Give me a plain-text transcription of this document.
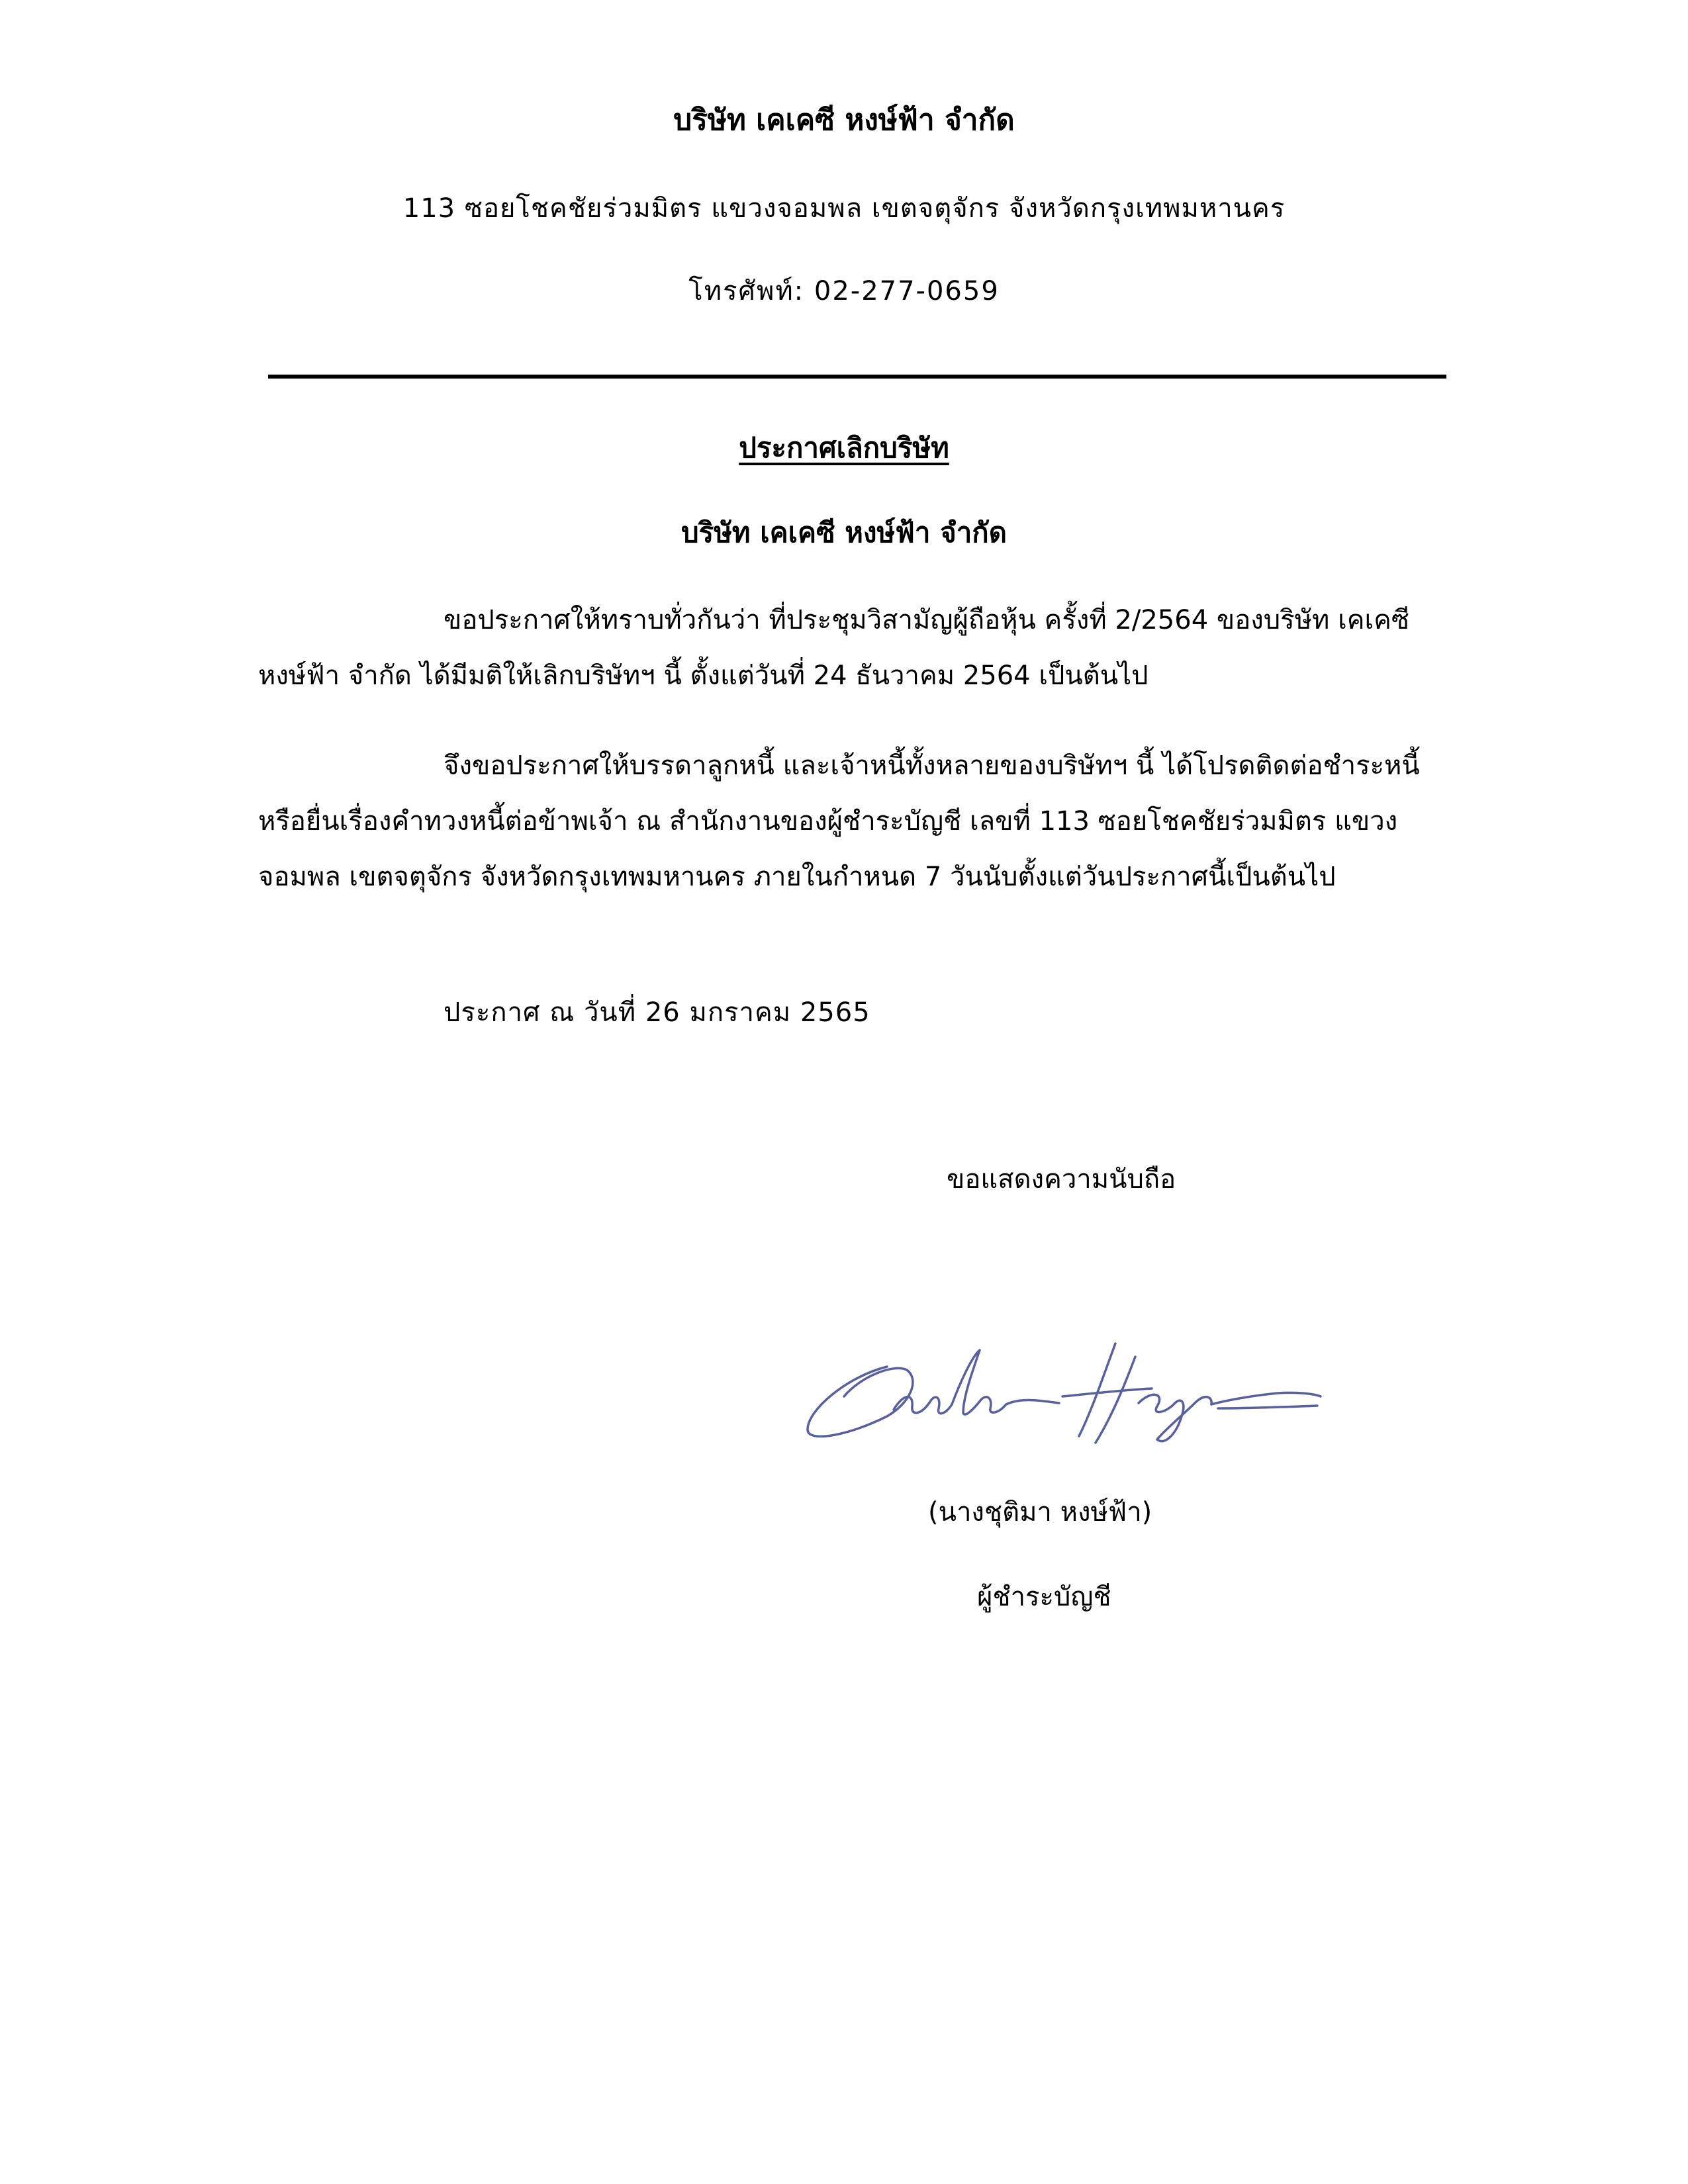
บริษัท เคเคซี หงษ์ฟ้า จำกัด

113 ซอยโชคชัยร่วมมิตร แขวงจอมพล เขตจตุจักร จังหวัดกรุงเทพมหานคร

โทรศัพท์: 02-277-0659

ประกาศเลิกบริษัท
บริษัท เคเคซี หงษ์ฟ้า จำกัด

ขอประกาศให้ทราบทั่วกันว่า ที่ประชุมวิสามัญผู้ถือหุ้น ครั้งที่ 2/2564 ของบริษัท เคเคซี หงษ์ฟ้า จำกัด ได้มีมติให้เลิกบริษัทฯ นี้ ตั้งแต่วันที่ 24 ธันวาคม 2564 เป็นต้นไป

จึงขอประกาศให้บรรดาลูกหนี้ และเจ้าหนี้ทั้งหลายของบริษัทฯ นี้ ได้โปรดติดต่อชำระหนี้ หรือยื่นเรื่องคำทวงหนี้ต่อข้าพเจ้า ณ สำนักงานของผู้ชำระบัญชี เลขที่ 113 ซอยโชคชัยร่วมมิตร แขวงจอมพล เขตจตุจักร จังหวัดกรุงเทพมหานคร ภายในกำหนด 7 วันนับตั้งแต่วันประกาศนี้เป็นต้นไป

ประกาศ ณ วันที่ 26 มกราคม 2565

ขอแสดงความนับถือ

(นางชุติมา หงษ์ฟ้า)

ผู้ชำระบัญชี
